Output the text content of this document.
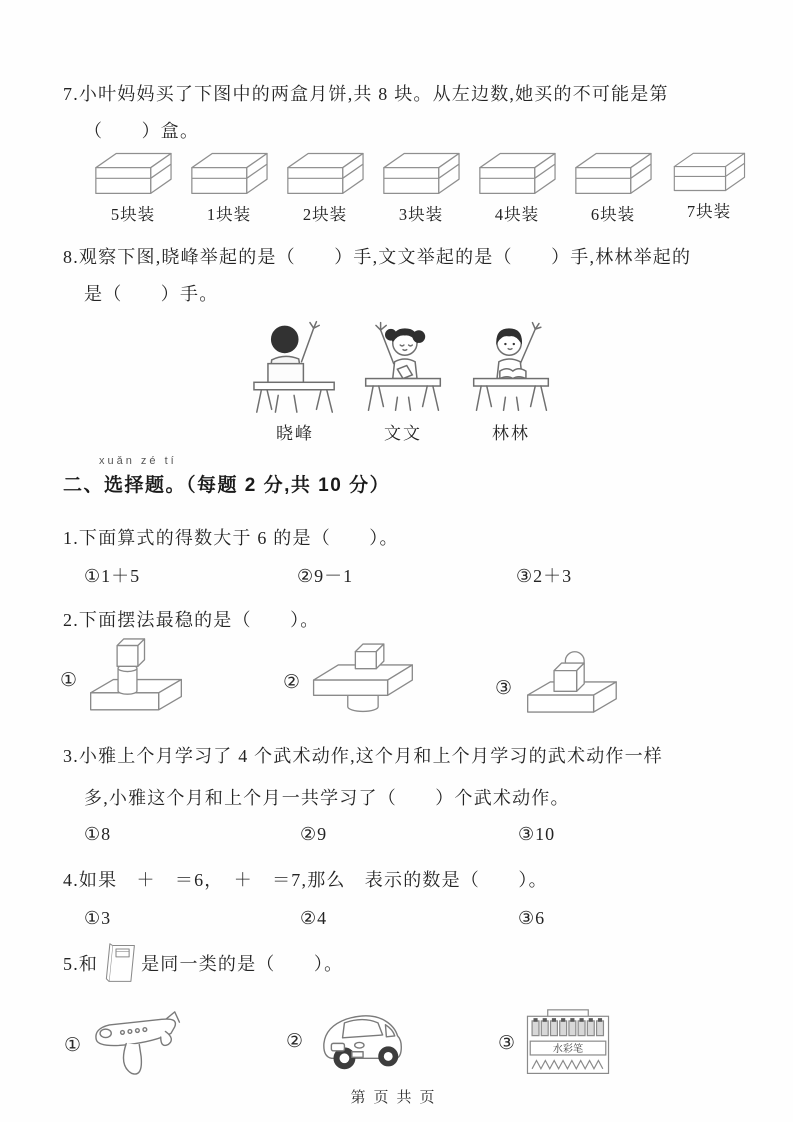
7.小叶妈妈买了下图中的两盒月饼,共 8 块。从左边数,她买的不可能是第
（　　）盒。
5块装	1块装	2块装	3块装	4块装	6块装	7块装
8.观察下图,晓峰举起的是（　　）手,文文举起的是（　　）手,林林举起的
是（　　）手。
晓峰	文文	林林
xuǎn zé tí
二、选择题。（每题 2 分,共 10 分）
1.下面算式的得数大于 6 的是（　　）。
①1＋5	②9－1	③2＋3
2.下面摆法最稳的是（　　）。
①	②	③
3.小雅上个月学习了 4 个武术动作,这个月和上个月学习的武术动作一样
多,小雅这个月和上个月一共学习了（　　）个武术动作。
①8	②9	③10
4.如果　＋　＝6，　＋　＝7,那么　表示的数是（　　）。
①3	②4	③6
5.和 是同一类的是（　　）。
①	②	③	水彩笔
第页共页
